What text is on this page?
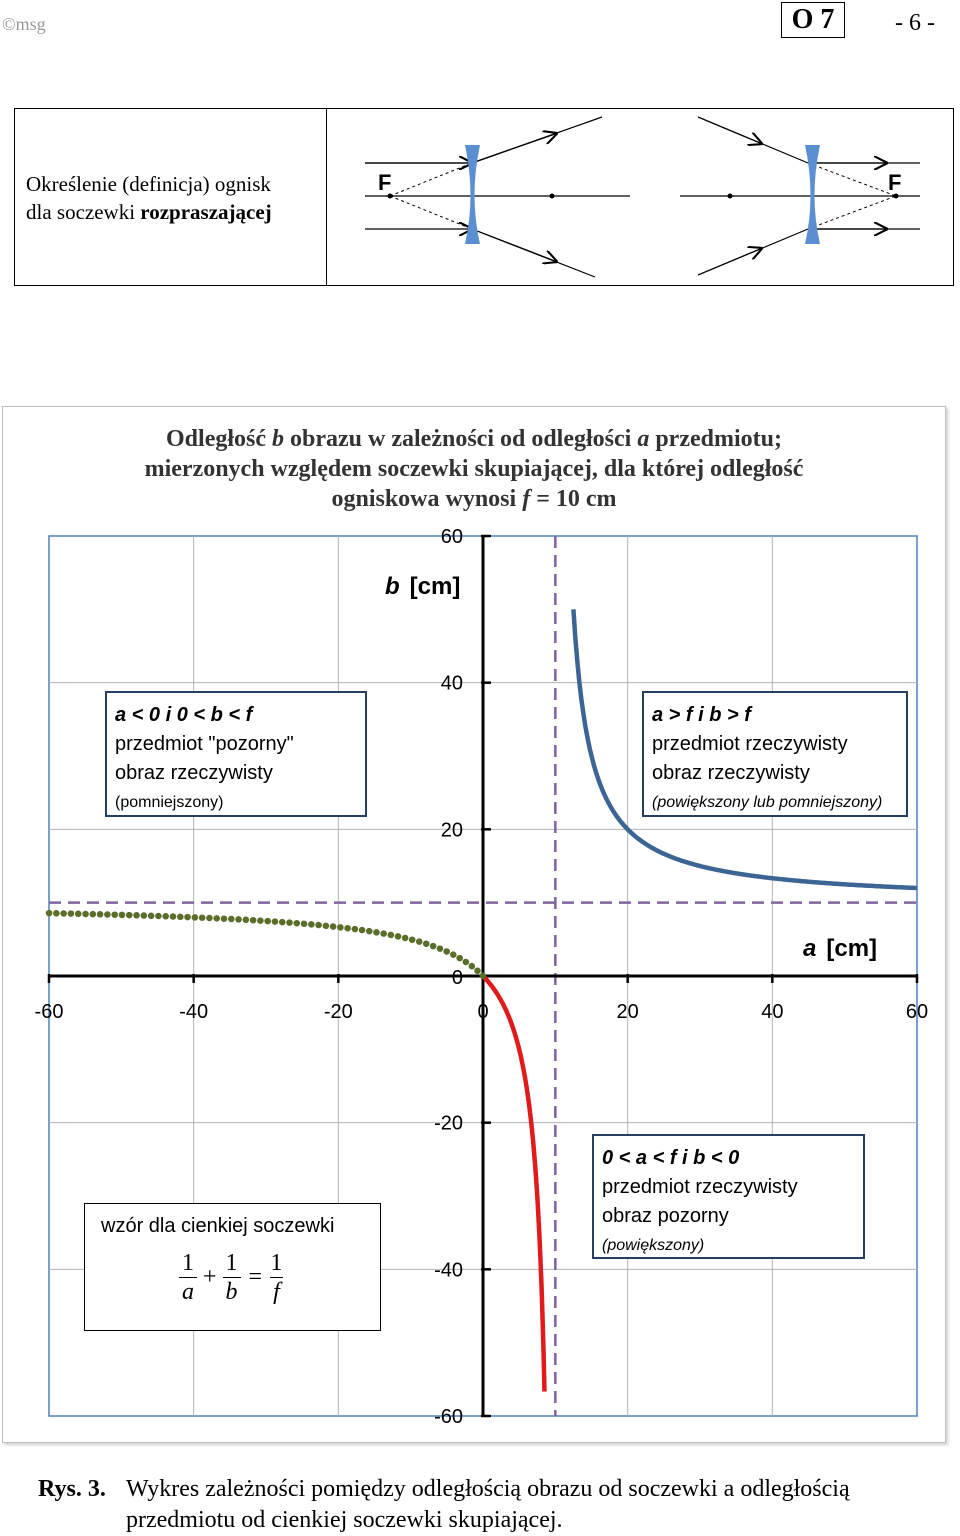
©msg	O 7	- 6 -
Określenie (definicja) ognisk
dla soczewki rozpraszającej
F	F
Odległość b obrazu w zależności od odległości a przedmiotu;
mierzonych względem soczewki skupiającej, dla której odległość
ogniskowa wynosi f = 10 cm
-60	-40	-20	0	20	40	60
60
40
20
-20
-40
-60
0
b [cm]
a [cm]
a < 0 i 0 < b < f
przedmiot "pozorny"
obraz rzeczywisty
(pomniejszony)
a > f i b > f
przedmiot rzeczywisty
obraz rzeczywisty
(powiększony lub pomniejszony)
0 < a < f i b < 0
przedmiot rzeczywisty
obraz pozorny
(powiększony)
wzór dla cienkiej soczewki
1
a
+ $\frac{1}{b} = \frac{1}{f}$
Rys. 3. Wykres zależności pomiędzy odległością obrazu od soczewki a odległością
przedmiotu od cienkiej soczewki skupiającej.
